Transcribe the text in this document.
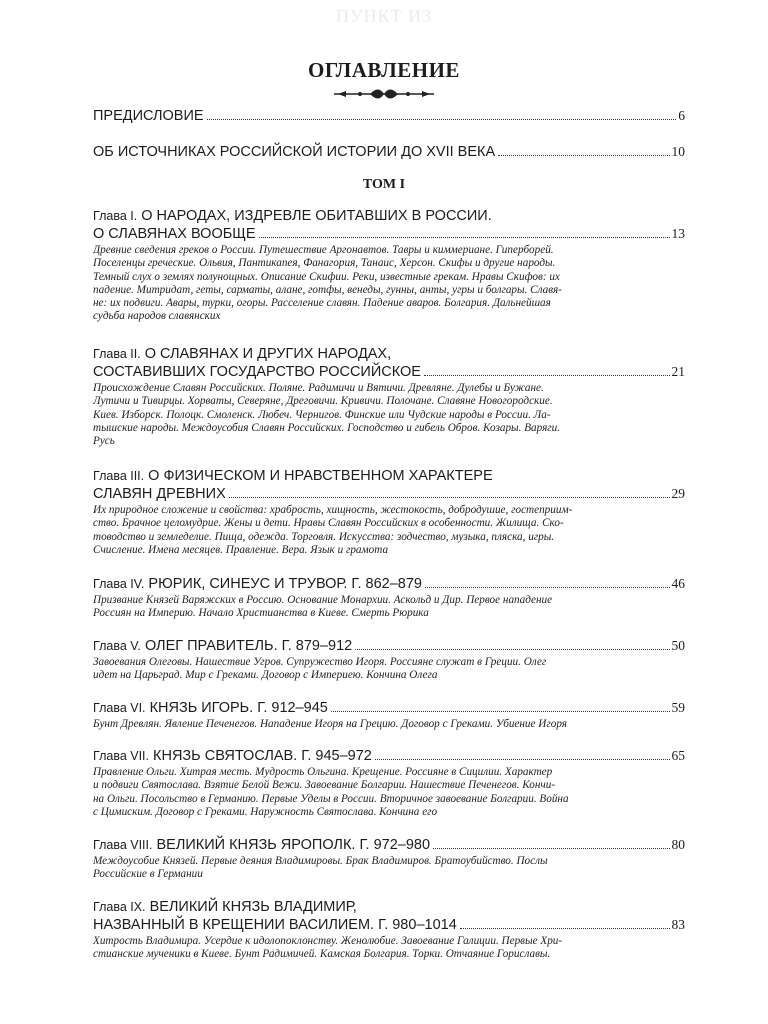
ПУНКТ ИЗ
ОГЛАВЛЕНИЕ
ПРЕДИСЛОВИЕ	6
ОБ ИСТОЧНИКАХ РОССИЙСКОЙ ИСТОРИИ ДО XVII ВЕКА	10
ТОМ I
Глава I. О НАРОДАХ, ИЗДРЕВЛЕ ОБИТАВШИХ В РОССИИ.
О СЛАВЯНАХ ВООБЩЕ	13
Древние сведения греков о России. Путешествие Аргонавтов. Тавры и киммериане. Гиперборей.
Поселенцы греческие. Ольвия, Пантикапея, Фанагория, Танаис, Херсон. Скифы и другие народы.
Темный слух о землях полунощных. Описание Скифии. Реки, известные грекам. Нравы Скифов: их
падение. Митридат, геты, сарматы, алане, готфы, венеды, гунны, анты, угры и болгары. Славя-
не: их подвиги. Авары, турки, огоры. Расселение славян. Падение аваров. Болгария. Дальнейшая
судьба народов славянских
Глава II. О СЛАВЯНАХ И ДРУГИХ НАРОДАХ,
СОСТАВИВШИХ ГОСУДАРСТВО РОССИЙСКОЕ	21
Происхождение Славян Российских. Поляне. Радимичи и Вятичи. Древляне. Дулебы и Бужане.
Лутичи и Тивирцы. Хорваты, Северяне, Дреговичи. Кривичи. Полочане. Славяне Новогородские.
Киев. Изборск. Полоцк. Смоленск. Любеч. Чернигов. Финские или Чудские народы в России. Ла-
тышские народы. Междоусобия Славян Российских. Господство и гибель Обров. Козары. Варяги.
Русь
Глава III. О ФИЗИЧЕСКОМ И НРАВСТВЕННОМ ХАРАКТЕРЕ
СЛАВЯН ДРЕВНИХ	29
Их природное сложение и свойства: храбрость, хищность, жестокость, добродушие, гостеприим-
ство. Брачное целомудрие. Жены и дети. Нравы Славян Российских в особенности. Жилища. Ско-
товодство и земледелие. Пища, одежда. Торговля. Искусства: зодчество, музыка, пляска, игры.
Счисление. Имена месяцев. Правление. Вера. Язык и грамота
Глава IV. РЮРИК, СИНЕУС И ТРУВОР. Г. 862–879	46
Призвание Князей Варяжских в Россию. Основание Монархии. Аскольд и Дир. Первое нападение
Россиян на Империю. Начало Христианства в Киеве. Смерть Рюрика
Глава V. ОЛЕГ ПРАВИТЕЛЬ. Г. 879–912	50
Завоевания Олеговы. Нашествие Угров. Супружество Игоря. Россияне служат в Греции. Олег
идет на Царьград. Мир с Греками. Договор с Империею. Кончина Олега
Глава VI. КНЯЗЬ ИГОРЬ. Г. 912–945	59
Бунт Древлян. Явление Печенегов. Нападение Игоря на Грецию. Договор с Греками. Убиение Игоря
Глава VII. КНЯЗЬ СВЯТОСЛАВ. Г. 945–972	65
Правление Ольги. Хитрая месть. Мудрость Ольгина. Крещение. Россияне в Сицилии. Характер
и подвиги Святослава. Взятие Белой Вежи. Завоевание Болгарии. Нашествие Печенегов. Кончи-
на Ольги. Посольство в Германию. Первые Уделы в России. Вторичное завоевание Болгарии. Война
с Цимиским. Договор с Греками. Наружность Святослава. Кончина его
Глава VIII. ВЕЛИКИЙ КНЯЗЬ ЯРОПОЛК. Г. 972–980	80
Междоусобие Князей. Первые деяния Владимировы. Брак Владимиров. Братоубийство. Послы
Российские в Германии
Глава IX. ВЕЛИКИЙ КНЯЗЬ ВЛАДИМИР,
НАЗВАННЫЙ В КРЕЩЕНИИ ВАСИЛИЕМ. Г. 980–1014	83
Хитрость Владимира. Усердие к идолопоклонству. Женолюбие. Завоевание Галиции. Первые Хри-
стианские мученики в Киеве. Бунт Радимичей. Камская Болгария. Торки. Отчаяние Гориславы.
